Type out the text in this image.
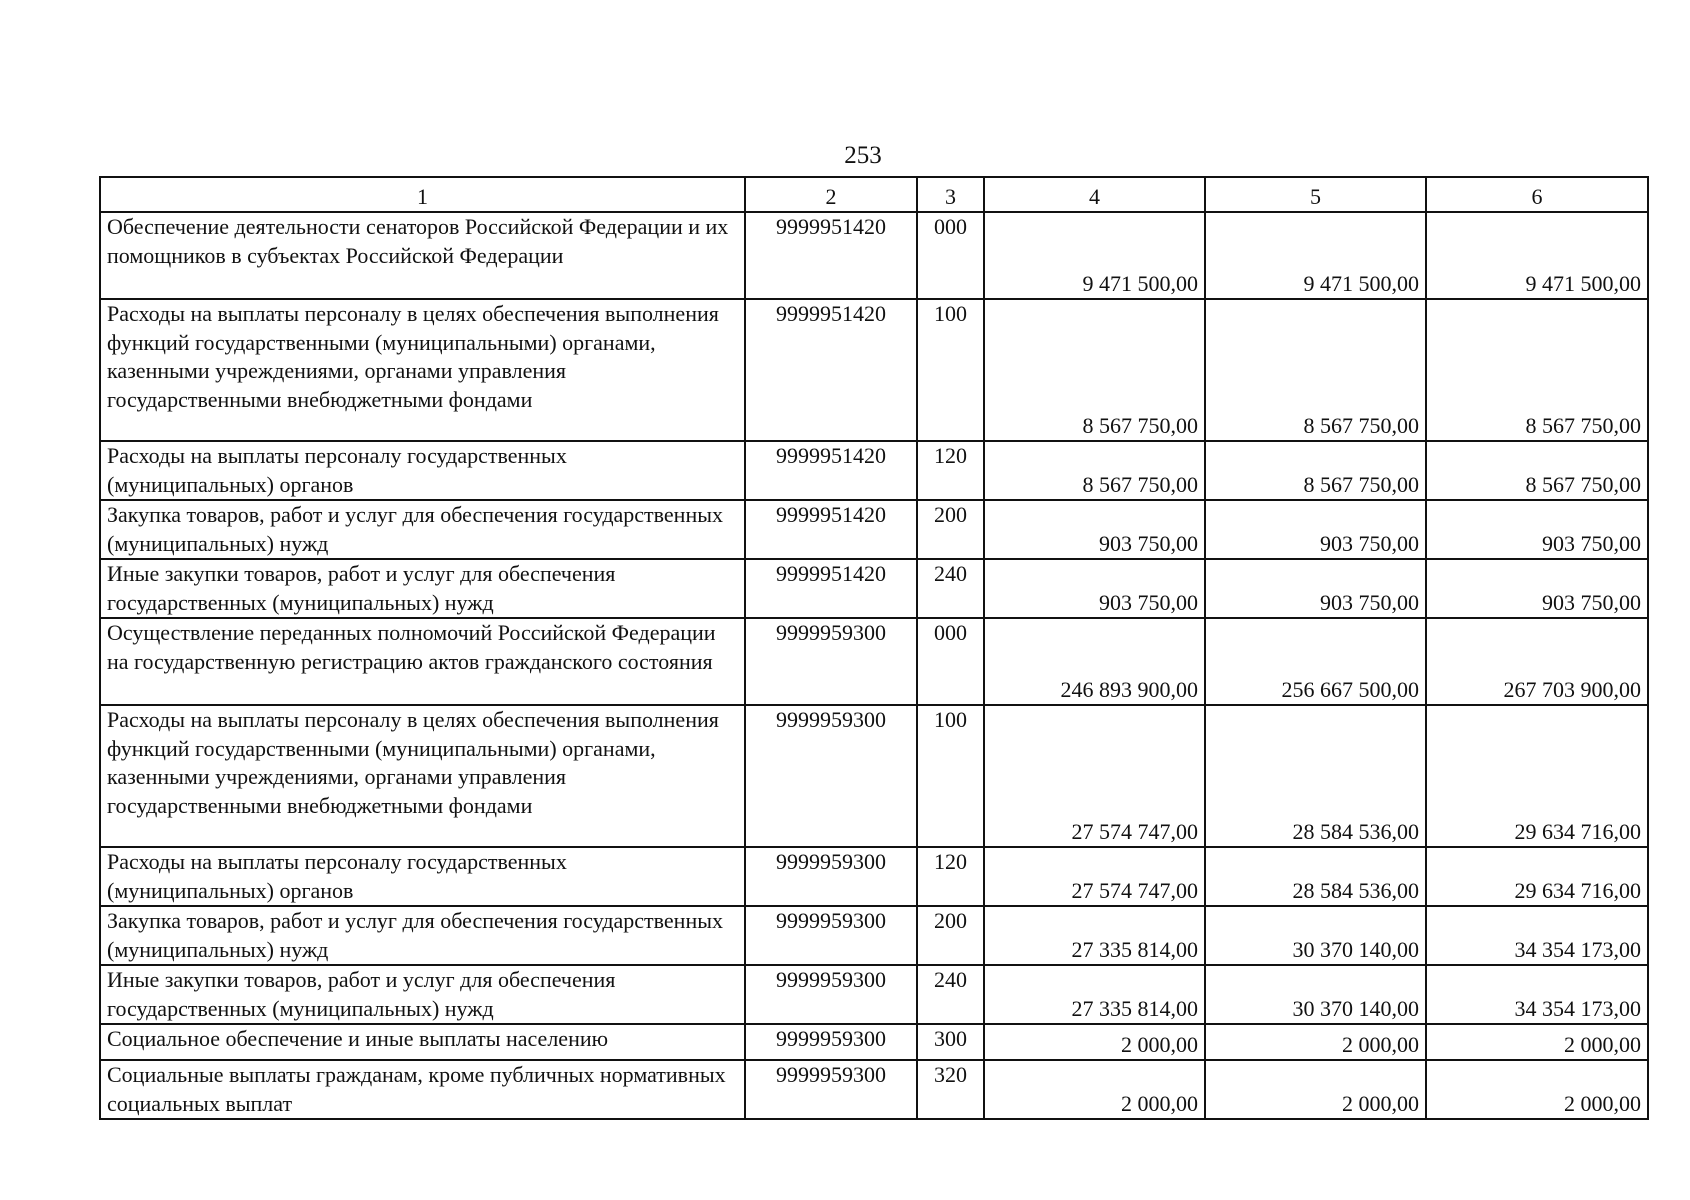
253
1	2	3	4	5	6
Обеспечение деятельности сенаторов Российской Федерации и их помощников в субъектах Российской Федерации	9999951420	000	9 471 500,00	9 471 500,00	9 471 500,00
Расходы на выплаты персоналу в целях обеспечения выполнения функций государственными (муниципальными) органами, казенными учреждениями, органами управления государственными внебюджетными фондами	9999951420	100	8 567 750,00	8 567 750,00	8 567 750,00
Расходы на выплаты персоналу государственных (муниципальных) органов	9999951420	120	8 567 750,00	8 567 750,00	8 567 750,00
Закупка товаров, работ и услуг для обеспечения государственных (муниципальных) нужд	9999951420	200	903 750,00	903 750,00	903 750,00
Иные закупки товаров, работ и услуг для обеспечения государственных (муниципальных) нужд	9999951420	240	903 750,00	903 750,00	903 750,00
Осуществление переданных полномочий Российской Федерации на государственную регистрацию актов гражданского состояния	9999959300	000	246 893 900,00	256 667 500,00	267 703 900,00
Расходы на выплаты персоналу в целях обеспечения выполнения функций государственными (муниципальными) органами, казенными учреждениями, органами управления государственными внебюджетными фондами	9999959300	100	27 574 747,00	28 584 536,00	29 634 716,00
Расходы на выплаты персоналу государственных (муниципальных) органов	9999959300	120	27 574 747,00	28 584 536,00	29 634 716,00
Закупка товаров, работ и услуг для обеспечения государственных (муниципальных) нужд	9999959300	200	27 335 814,00	30 370 140,00	34 354 173,00
Иные закупки товаров, работ и услуг для обеспечения государственных (муниципальных) нужд	9999959300	240	27 335 814,00	30 370 140,00	34 354 173,00
Социальное обеспечение и иные выплаты населению	9999959300	300	2 000,00	2 000,00	2 000,00
Социальные выплаты гражданам, кроме публичных нормативных социальных выплат	9999959300	320	2 000,00	2 000,00	2 000,00
